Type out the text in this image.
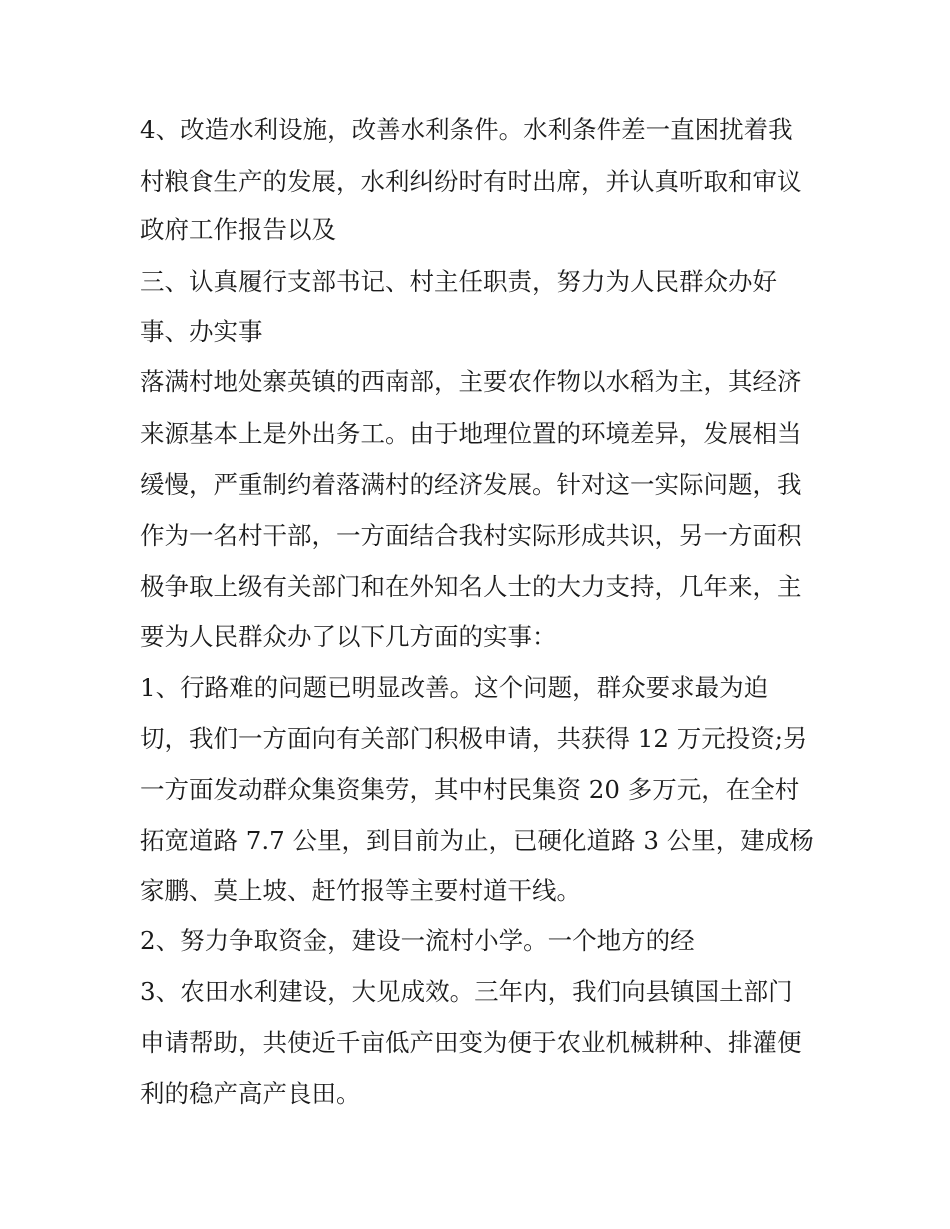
4、改造水利设施，改善水利条件。水利条件差一直困扰着我

村粮食生产的发展，水利纠纷时有时出席，并认真听取和审议

政府工作报告以及

三、认真履行支部书记、村主任职责，努力为人民群众办好

事、办实事

落满村地处寨英镇的西南部，主要农作物以水稻为主，其经济

来源基本上是外出务工。由于地理位置的环境差异，发展相当

缓慢，严重制约着落满村的经济发展。针对这一实际问题，我

作为一名村干部，一方面结合我村实际形成共识，另一方面积

极争取上级有关部门和在外知名人士的大力支持，几年来，主

要为人民群众办了以下几方面的实事：

1、行路难的问题已明显改善。这个问题，群众要求最为迫

切，我们一方面向有关部门积极申请，共获得 12 万元投资;另

一方面发动群众集资集劳，其中村民集资 20 多万元，在全村

拓宽道路 7.7 公里，到目前为止，已硬化道路 3 公里，建成杨

家鹏、莫上坡、赶竹报等主要村道干线。

2、努力争取资金，建设一流村小学。一个地方的经

3、农田水利建设，大见成效。三年内，我们向县镇国土部门

申请帮助，共使近千亩低产田变为便于农业机械耕种、排灌便

利的稳产高产良田。
